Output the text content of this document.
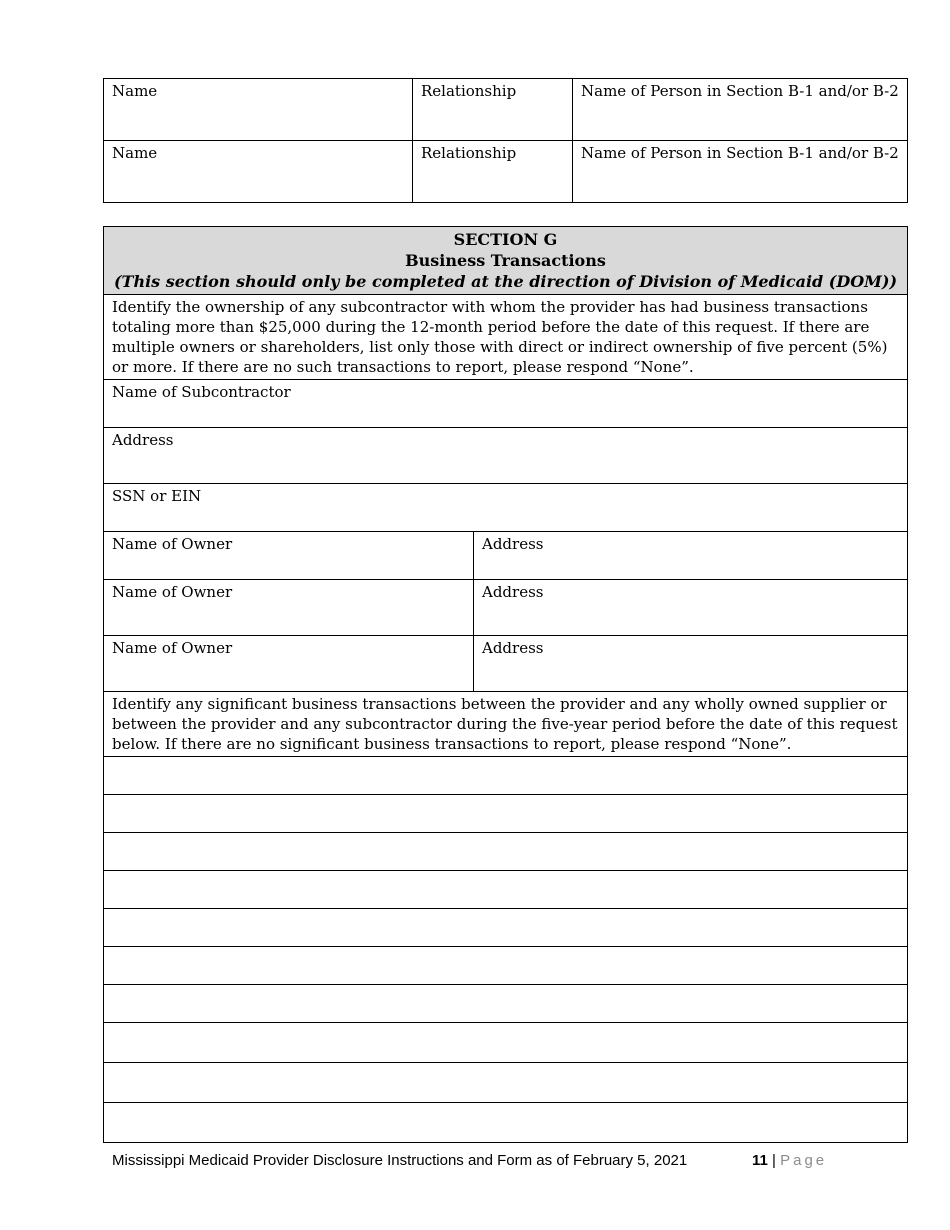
Name	Relationship	Name of Person in Section B-1 and/or B-2
Name	Relationship	Name of Person in Section B-1 and/or B-2
SECTION G
Business Transactions
(This section should only be completed at the direction of Division of Medicaid (DOM))	

Identify the ownership of any subcontractor with whom the provider has had business transactions totaling more than $25,000 during the 12-month period before the date of this request. If there are multiple owners or shareholders, list only those with direct or indirect ownership of five percent (5%) or more. If there are no such transactions to report, please respond “None”.	
Name of Subcontractor	
Address	
SSN or EIN	
Name of Owner	Address
Name of Owner	Address
Name of Owner	Address
Identify any significant business transactions between the provider and any wholly owned supplier or between the provider and any subcontractor during the five-year period before the date of this request below. If there are no significant business transactions to report, please respond “None”.	

Mississippi Medicaid Provider Disclosure Instructions and Form as of February 5, 2021	11 | Page
